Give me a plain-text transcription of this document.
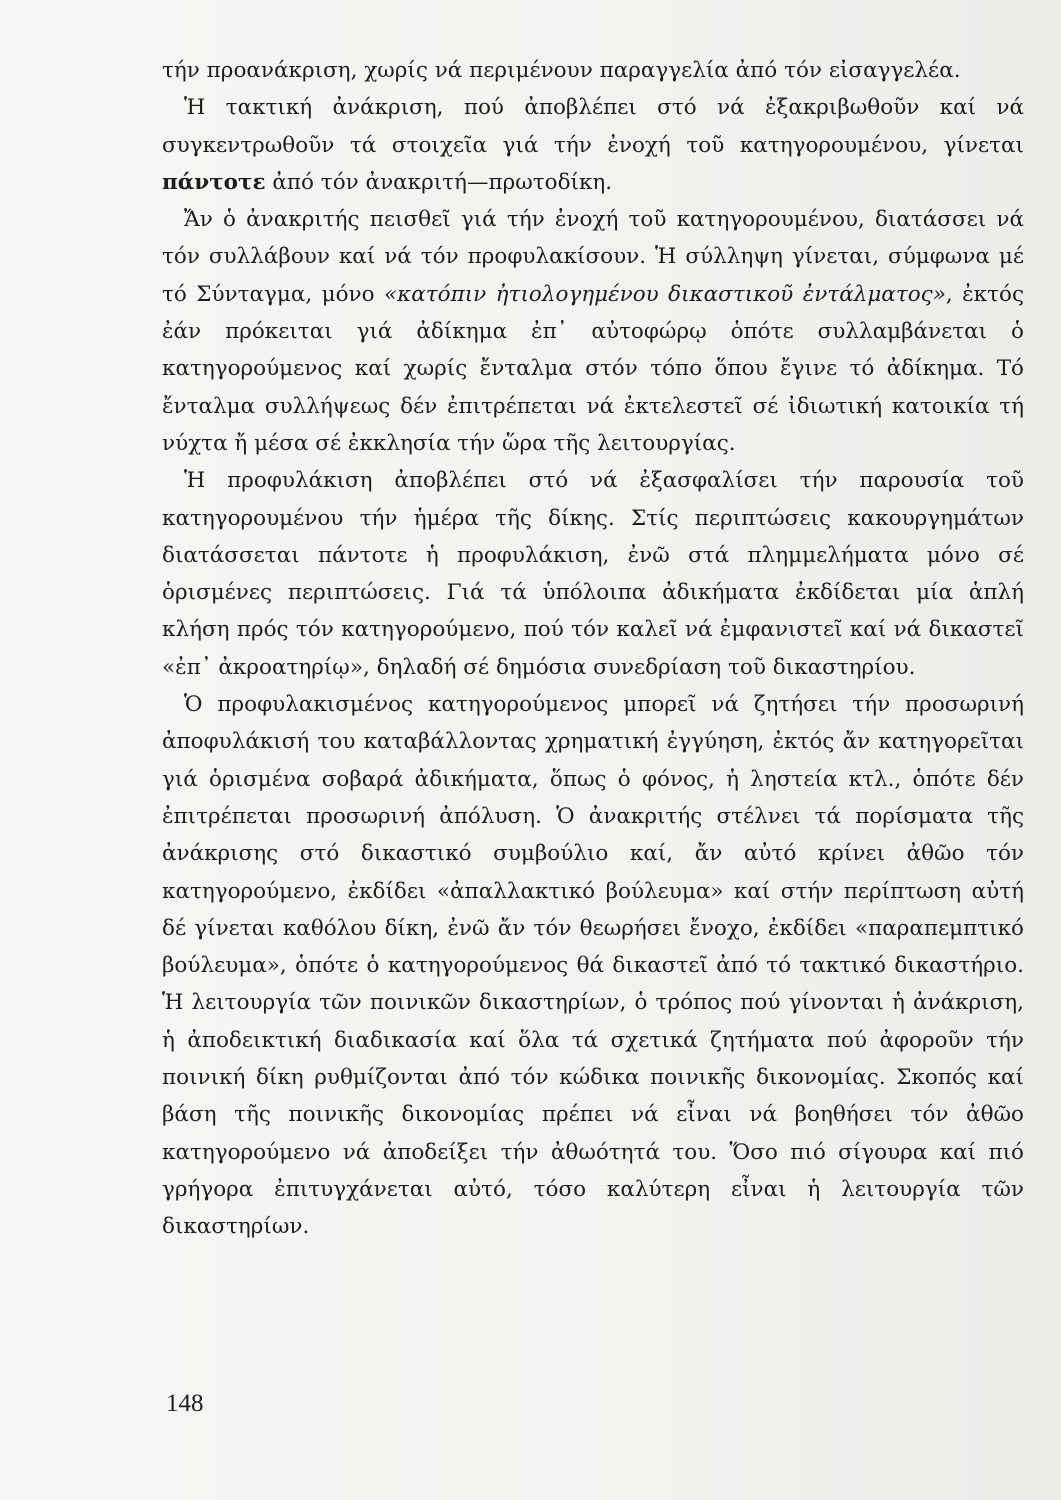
τήν προανάκριση, χωρίς νά περιμένουν παραγγελία ἀπό τόν εἰσαγγελέα.

Ἡ τακτική ἀνάκριση, πού ἀποβλέπει στό νά ἐξακριβωθοῦν καί νά συγκεντρωθοῦν τά στοιχεῖα γιά τήν ἐνοχή τοῦ κατηγορουμένου, γίνεται πάντοτε ἀπό τόν ἀνακριτή—πρωτοδίκη.

Ἄν ὁ ἀνακριτής πεισθεῖ γιά τήν ἐνοχή τοῦ κατηγορουμένου, διατάσσει νά τόν συλλάβουν καί νά τόν προφυλακίσουν. Ἡ σύλληψη γίνεται, σύμφωνα μέ τό Σύνταγμα, μόνο «κατόπιν ἠτιολογημένου δικαστικοῦ ἐντάλματος», ἐκτός ἐάν πρόκειται γιά ἀδίκημα ἐπ᾽ αὐτοφώρῳ ὁπότε συλλαμβάνεται ὁ κατηγορούμενος καί χωρίς ἔνταλμα στόν τόπο ὅπου ἔγινε τό ἀδίκημα. Τό ἔνταλμα συλλήψεως δέν ἐπιτρέπεται νά ἐκτελεστεῖ σέ ἰδιωτική κατοικία τή νύχτα ἤ μέσα σέ ἐκκλησία τήν ὥρα τῆς λειτουργίας.

Ἡ προφυλάκιση ἀποβλέπει στό νά ἐξασφαλίσει τήν παρουσία τοῦ κατηγορουμένου τήν ἡμέρα τῆς δίκης. Στίς περιπτώσεις κακουργημάτων διατάσσεται πάντοτε ἡ προφυλάκιση, ἐνῶ στά πλημμελήματα μόνο σέ ὁρισμένες περιπτώσεις. Γιά τά ὑπόλοιπα ἀδικήματα ἐκδίδεται μία ἁπλή κλήση πρός τόν κατηγορούμενο, πού τόν καλεῖ νά ἐμφανιστεῖ καί νά δικαστεῖ «ἐπ᾽ ἀκροατηρίῳ», δηλαδή σέ δημόσια συνεδρίαση τοῦ δικαστηρίου.

Ὁ προφυλακισμένος κατηγορούμενος μπορεῖ νά ζητήσει τήν προσωρινή ἀποφυλάκισή του καταβάλλοντας χρηματική ἐγγύηση, ἐκτός ἄν κατηγορεῖται γιά ὁρισμένα σοβαρά ἀδικήματα, ὅπως ὁ φόνος, ἡ ληστεία κτλ., ὁπότε δέν ἐπιτρέπεται προσωρινή ἀπόλυση. Ὁ ἀνακριτής στέλνει τά πορίσματα τῆς ἀνάκρισης στό δικαστικό συμβούλιο καί, ἄν αὐτό κρίνει ἀθῶο τόν κατηγορούμενο, ἐκδίδει «ἀπαλλακτικό βούλευμα» καί στήν περίπτωση αὐτή δέ γίνεται καθόλου δίκη, ἐνῶ ἄν τόν θεωρήσει ἔνοχο, ἐκδίδει «παραπεμπτικό βούλευμα», ὁπότε ὁ κατηγορούμενος θά δικαστεῖ ἀπό τό τακτικό δικαστήριο. Ἡ λειτουργία τῶν ποινικῶν δικαστηρίων, ὁ τρόπος πού γίνονται ἡ ἀνάκριση, ἡ ἀποδεικτική διαδικασία καί ὅλα τά σχετικά ζητήματα πού ἀφοροῦν τήν ποινική δίκη ρυθμίζονται ἀπό τόν κώδικα ποινικῆς δικονομίας. Σκοπός καί βάση τῆς ποινικῆς δικονομίας πρέπει νά εἶναι νά βοηθήσει τόν ἀθῶο κατηγορούμενο νά ἀποδείξει τήν ἀθωότητά του. Ὅσο πιό σίγουρα καί πιό γρήγορα ἐπιτυγχάνεται αὐτό, τόσο καλύτερη εἶναι ἡ λειτουργία τῶν δικαστηρίων.

148
